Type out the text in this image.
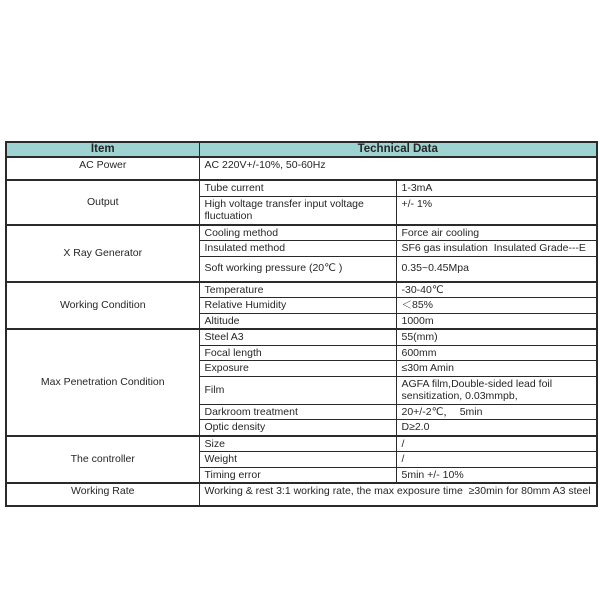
Item	Technical Data	
AC Power	AC 220V+/-10%, 50-60Hz	
Output	Tube current	1-3mA
	High voltage transfer input voltage fluctuation	+/- 1%
X Ray Generator	Cooling method	Force air cooling
	Insulated method	SF6 gas insulation  Insulated Grade---E
	Soft working pressure (20℃ )	0.35~0.45Mpa
Working Condition	Temperature	-30-40℃
	Relative Humidity	＜85%
	Altitude	1000m
Max Penetration Condition	Steel A3	55(mm)
	Focal length	600mm
	Exposure	≤30m Amin
	Film	AGFA film,Double-sided lead foil sensitization, 0.03mmpb,
	Darkroom treatment	20+/-2℃，  5min
	Optic density	D≥2.0
The controller	Size	/
	Weight	/
	Timing error	5min +/- 10%
Working Rate	Working & rest 3:1 working rate, the max exposure time  ≥30min for 80mm A3 steel	
